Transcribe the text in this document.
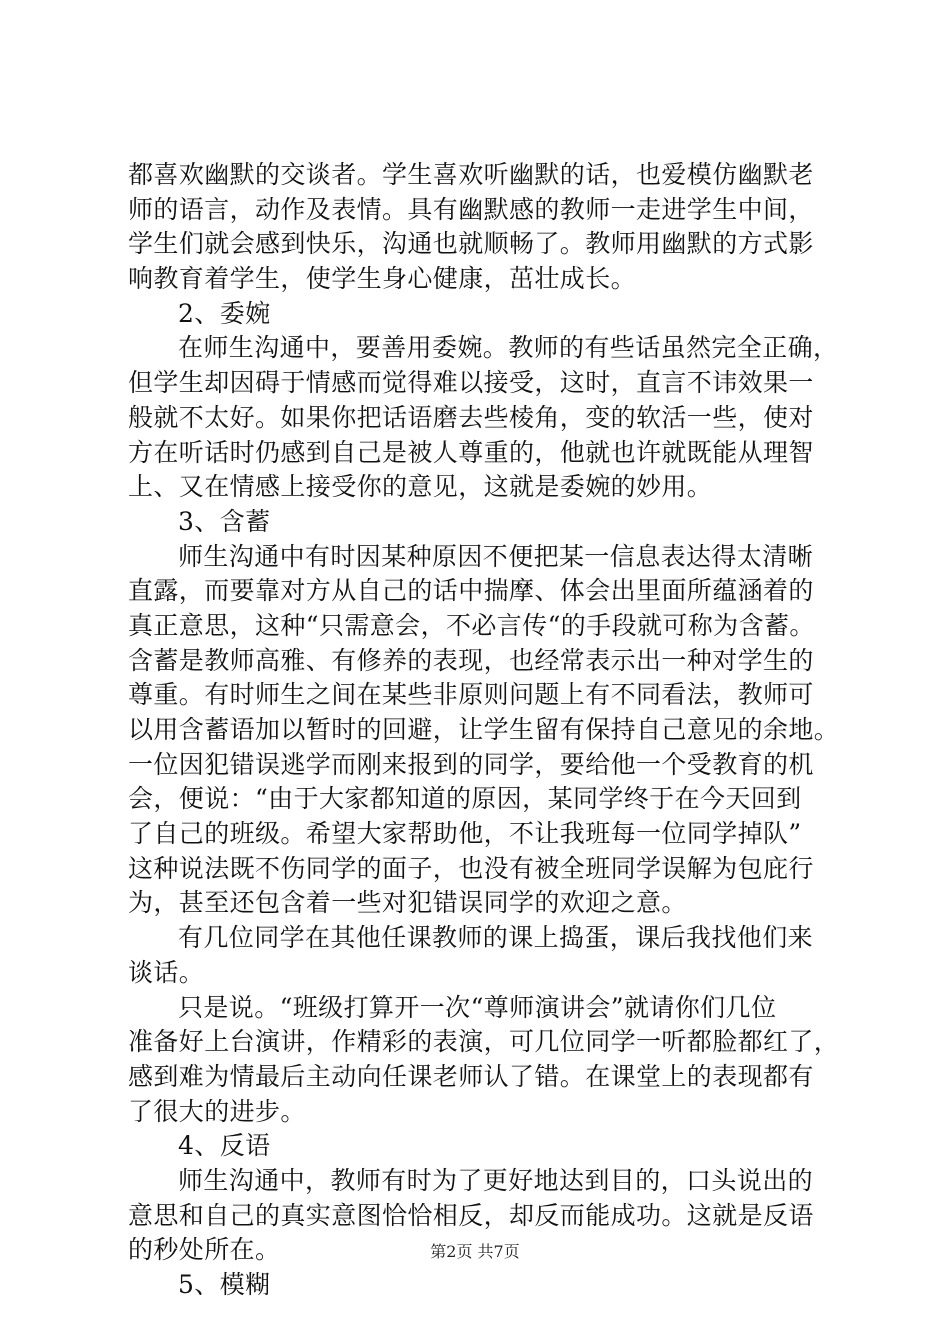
都喜欢幽默的交谈者。学生喜欢听幽默的话，也爱模仿幽默老
师的语言，动作及表情。具有幽默感的教师一走进学生中间，
学生们就会感到快乐，沟通也就顺畅了。教师用幽默的方式影
响教育着学生，使学生身心健康，茁壮成长。
2、委婉
在师生沟通中，要善用委婉。教师的有些话虽然完全正确，
但学生却因碍于情感而觉得难以接受，这时，直言不讳效果一
般就不太好。如果你把话语磨去些棱角，变的软活一些，使对
方在听话时仍感到自己是被人尊重的，他就也许就既能从理智
上、又在情感上接受你的意见，这就是委婉的妙用。
3、含蓄
师生沟通中有时因某种原因不便把某一信息表达得太清晰
直露，而要靠对方从自己的话中揣摩、体会出里面所蕴涵着的
真正意思，这种“只需意会，不必言传“的手段就可称为含蓄。
含蓄是教师高雅、有修养的表现，也经常表示出一种对学生的
尊重。有时师生之间在某些非原则问题上有不同看法，教师可
以用含蓄语加以暂时的回避，让学生留有保持自己意见的余地。
一位因犯错误逃学而刚来报到的同学，要给他一个受教育的机
会，便说：“由于大家都知道的原因，某同学终于在今天回到
了自己的班级。希望大家帮助他，不让我班每一位同学掉队”
这种说法既不伤同学的面子，也没有被全班同学误解为包庇行
为，甚至还包含着一些对犯错误同学的欢迎之意。
有几位同学在其他任课教师的课上捣蛋，课后我找他们来
谈话。
只是说。“班级打算开一次“尊师演讲会”就请你们几位
准备好上台演讲，作精彩的表演，可几位同学一听都脸都红了，
感到难为情最后主动向任课老师认了错。在课堂上的表现都有
了很大的进步。
4、反语
师生沟通中，教师有时为了更好地达到目的，口头说出的
意思和自己的真实意图恰恰相反，却反而能成功。这就是反语
的秒处所在。
5、模糊
第2页 共7页
